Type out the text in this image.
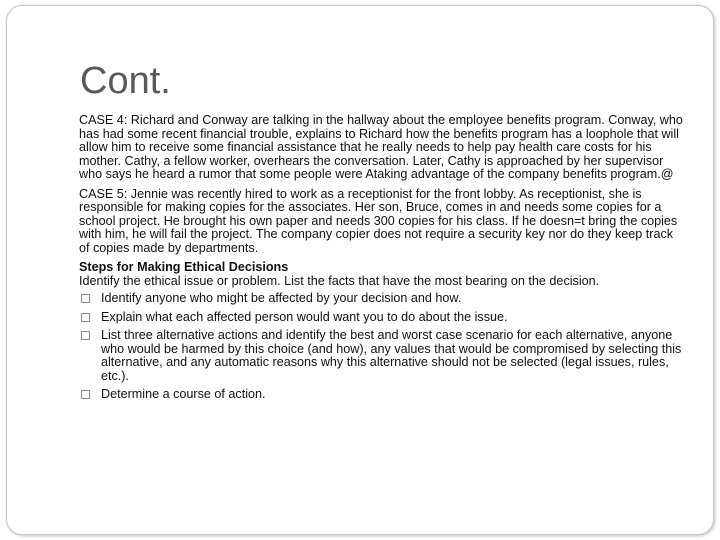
Cont.

CASE 4: Richard and Conway are talking in the hallway about the employee benefits program. Conway, who has had some recent financial trouble, explains to Richard how the benefits program has a loophole that will allow him to receive some financial assistance that he really needs to help pay health care costs for his mother. Cathy, a fellow worker, overhears the conversation. Later, Cathy is approached by her supervisor who says he heard a rumor that some people were Ataking advantage of the company benefits program.@

CASE 5: Jennie was recently hired to work as a receptionist for the front lobby. As receptionist, she is responsible for making copies for the associates. Her son, Bruce, comes in and needs some copies for a school project. He brought his own paper and needs 300 copies for his class. If he doesn=t bring the copies with him, he will fail the project. The company copier does not require a security key nor do they keep track of copies made by departments.

Steps for Making Ethical Decisions

Identify the ethical issue or problem. List the facts that have the most bearing on the decision.

Identify anyone who might be affected by your decision and how.
Explain what each affected person would want you to do about the issue.
List three alternative actions and identify the best and worst case scenario for each alternative, anyone who would be harmed by this choice (and how), any values that would be compromised by selecting this alternative, and any automatic reasons why this alternative should not be selected (legal issues, rules, etc.).
Determine a course of action.
